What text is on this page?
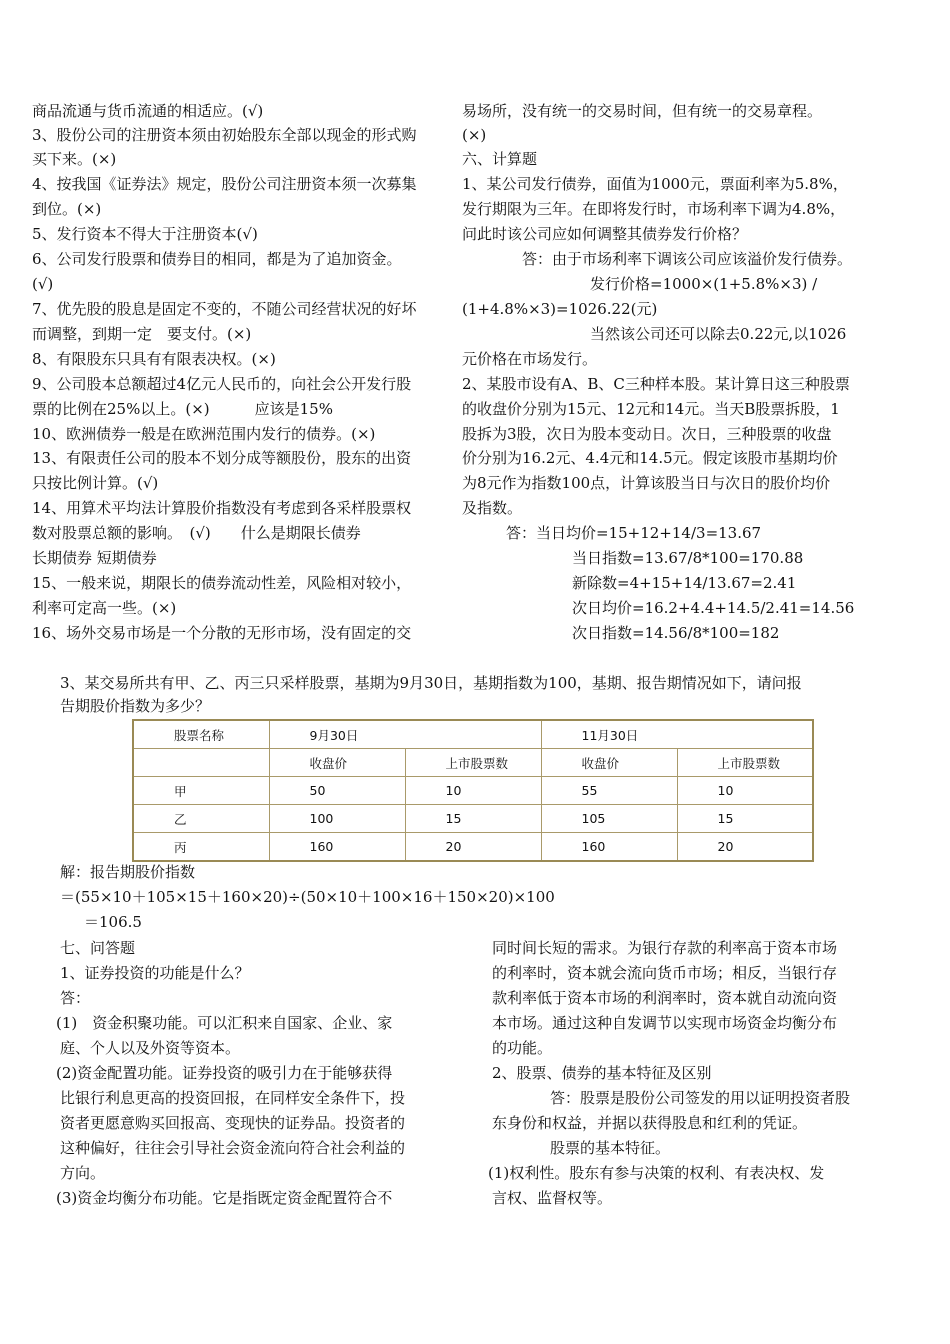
商品流通与货币流通的相适应。(√)
3、股份公司的注册资本须由初始股东全部以现金的形式购
买下来。(×)
4、按我国《证券法》规定，股份公司注册资本须一次募集
到位。(×)
5、发行资本不得大于注册资本(√)
6、公司发行股票和债券目的相同，都是为了追加资金。
(√)
7、优先股的股息是固定不变的，不随公司经营状况的好坏
而调整，到期一定　要支付。(×)
8、有限股东只具有有限表决权。(×)
9、公司股本总额超过4亿元人民币的，向社会公开发行股
票的比例在25%以上。(×)　　　应该是15%
10、欧洲债券一般是在欧洲范围内发行的债券。(×)
13、有限责任公司的股本不划分成等额股份，股东的出资
只按比例计算。(√)
14、用算术平均法计算股价指数没有考虑到各采样股票权
数对股票总额的影响。　(√)　　什么是期限长债券
长期债券 短期债券
15、一般来说，期限长的债券流动性差，风险相对较小，
利率可定高一些。(×)
16、场外交易市场是一个分散的无形市场，没有固定的交
易场所，没有统一的交易时间，但有统一的交易章程。
(×)
六、计算题
1、某公司发行债券，面值为1000元，票面利率为5.8%，
发行期限为三年。在即将发行时，市场利率下调为4.8%，
问此时该公司应如何调整其债券发行价格？
答：由于市场利率下调该公司应该溢价发行债券。
发行价格=1000×(1+5.8%×3) /
(1+4.8%×3)=1026.22(元)
当然该公司还可以除去0.22元,以1026
元价格在市场发行。
2、某股市设有A、B、C三种样本股。某计算日这三种股票
的收盘价分别为15元、12元和14元。当天B股票拆股，1
股拆为3股，次日为股本变动日。次日，三种股票的收盘
价分别为16.2元、4.4元和14.5元。假定该股市基期均价
为8元作为指数100点，计算该股当日与次日的股价均价
及指数。
答：当日均价=15+12+14/3=13.67
当日指数=13.67/8*100=170.88
新除数=4+15+14/13.67=2.41
次日均价=16.2+4.4+14.5/2.41=14.56
次日指数=14.56/8*100=182
3、某交易所共有甲、乙、丙三只采样股票，基期为9月30日，基期指数为100，基期、报告期情况如下，请问报
告期股价指数为多少？
股票名称	9月30日		11月30日	
	收盘价	上市股票数	收盘价	上市股票数
甲	50	10	55	10
乙	100	15	105	15
丙	160	20	160	20
解：报告期股价指数
＝(55×10＋105×15＋160×20)÷(50×10＋100×16＋150×20)×100
＝106.5
七、问答题
1、证券投资的功能是什么？
答：
(1)　资金积聚功能。可以汇积来自国家、企业、家
庭、个人以及外资等资本。
(2)资金配置功能。证券投资的吸引力在于能够获得
比银行利息更高的投资回报，在同样安全条件下，投
资者更愿意购买回报高、变现快的证券品。投资者的
这种偏好，往往会引导社会资金流向符合社会利益的
方向。
(3)资金均衡分布功能。它是指既定资金配置符合不
同时间长短的需求。为银行存款的利率高于资本市场
的利率时，资本就会流向货币市场；相反，当银行存
款利率低于资本市场的利润率时，资本就自动流向资
本市场。通过这种自发调节以实现市场资金均衡分布
的功能。
2、股票、债券的基本特征及区别
答：股票是股份公司签发的用以证明投资者股
东身份和权益，并据以获得股息和红利的凭证。
股票的基本特征。
(1)权利性。股东有参与决策的权利、有表决权、发
言权、监督权等。
